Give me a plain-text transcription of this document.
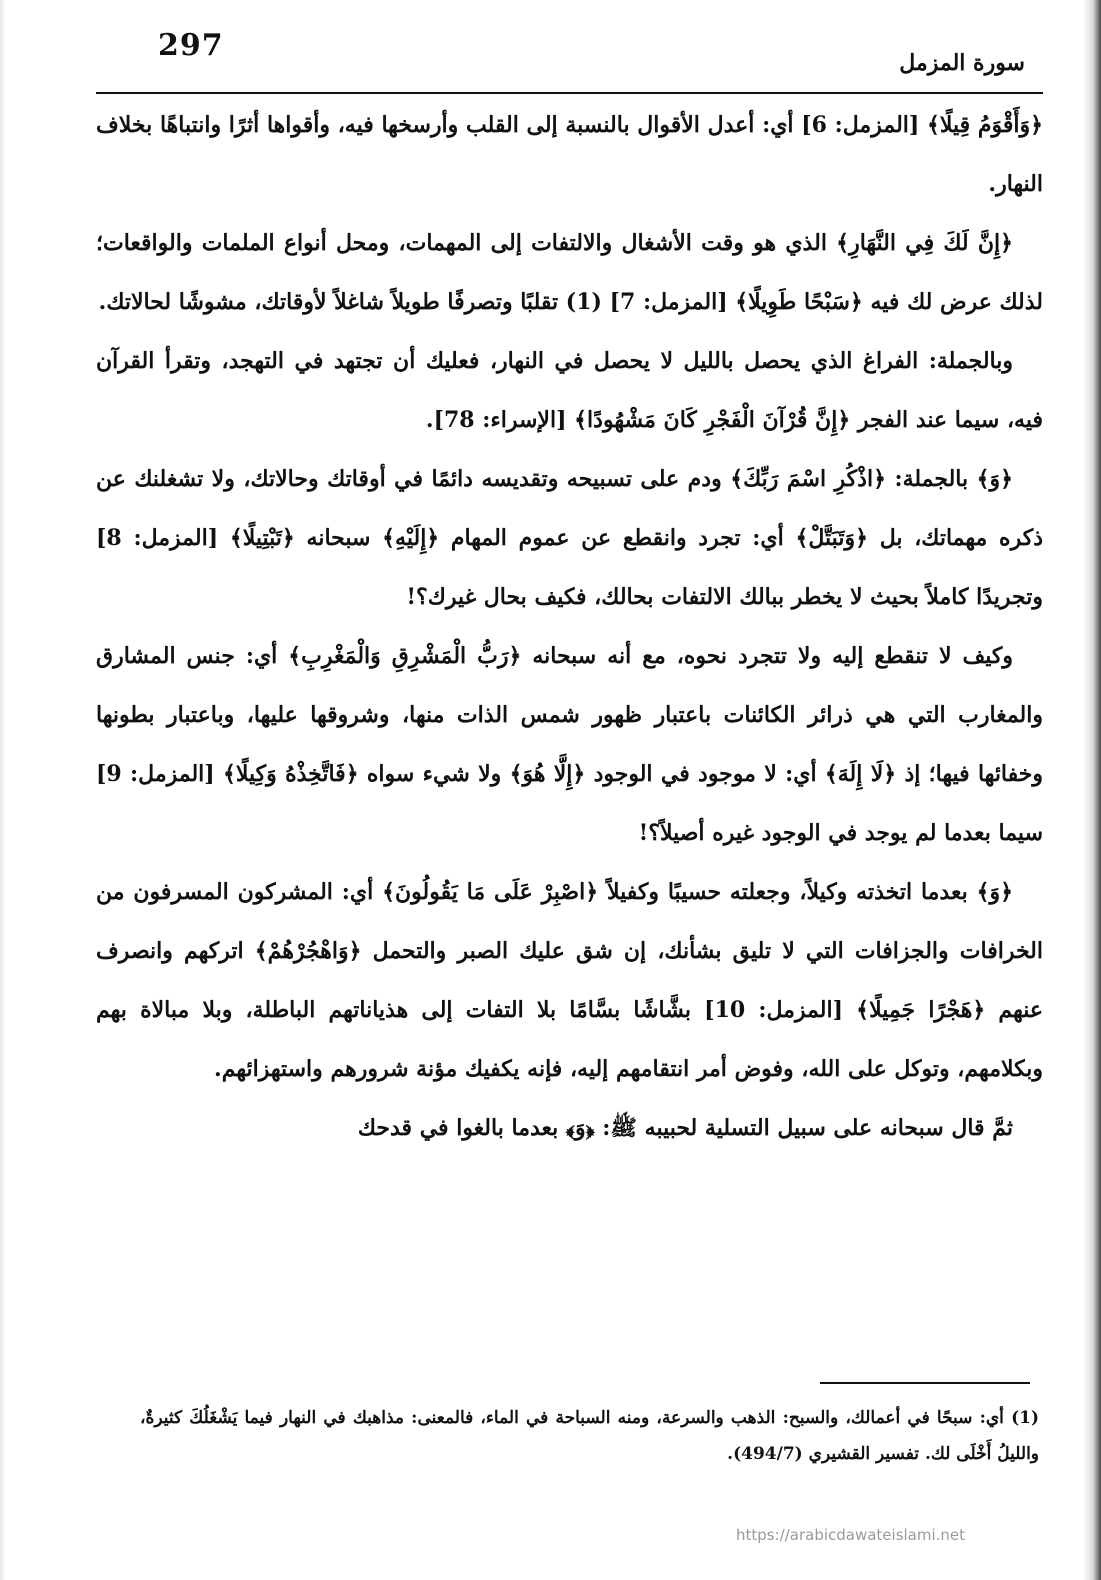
297	سورة المزمل

﴿وَأَقْوَمُ قِيلًا﴾ [المزمل: 6] أي: أعدل الأقوال بالنسبة إلى القلب وأرسخها فيه، وأقواها أثرًا وانتباهًا بخلاف النهار.

﴿إِنَّ لَكَ فِي النَّهَارِ﴾ الذي هو وقت الأشغال والالتفات إلى المهمات، ومحل أنواع الملمات والواقعات؛ لذلك عرض لك فيه ﴿سَبْحًا طَوِيلًا﴾ [المزمل: 7] (1) تقلبًا وتصرفًا طويلاً شاغلاً لأوقاتك، مشوشًا لحالاتك.

وبالجملة: الفراغ الذي يحصل بالليل لا يحصل في النهار، فعليك أن تجتهد في التهجد، وتقرأ القرآن فيه، سيما عند الفجر ﴿إِنَّ قُرْآنَ الْفَجْرِ كَانَ مَشْهُودًا﴾ [الإسراء: 78].

﴿وَ﴾ بالجملة: ﴿اذْكُرِ اسْمَ رَبِّكَ﴾ ودم على تسبيحه وتقديسه دائمًا في أوقاتك وحالاتك، ولا تشغلنك عن ذكره مهماتك، بل ﴿وَتَبَتَّلْ﴾ أي: تجرد وانقطع عن عموم المهام ﴿إِلَيْهِ﴾ سبحانه ﴿تَبْتِيلًا﴾ [المزمل: 8] وتجريدًا كاملاً بحيث لا يخطر ببالك الالتفات بحالك، فكيف بحال غيرك؟!

وكيف لا تنقطع إليه ولا تتجرد نحوه، مع أنه سبحانه ﴿رَبُّ الْمَشْرِقِ وَالْمَغْرِبِ﴾ أي: جنس المشارق والمغارب التي هي ذرائر الكائنات باعتبار ظهور شمس الذات منها، وشروقها عليها، وباعتبار بطونها وخفائها فيها؛ إذ ﴿لَا إِلَهَ﴾ أي: لا موجود في الوجود ﴿إِلَّا هُوَ﴾ ولا شيء سواه ﴿فَاتَّخِذْهُ وَكِيلًا﴾ [المزمل: 9] سيما بعدما لم يوجد في الوجود غيره أصيلاً؟!

﴿وَ﴾ بعدما اتخذته وكيلاً، وجعلته حسيبًا وكفيلاً ﴿اصْبِرْ عَلَى مَا يَقُولُونَ﴾ أي: المشركون المسرفون من الخرافات والجزافات التي لا تليق بشأنك، إن شق عليك الصبر والتحمل ﴿وَاهْجُرْهُمْ﴾ اتركهم وانصرف عنهم ﴿هَجْرًا جَمِيلًا﴾ [المزمل: 10] بشَّاشًا بسَّامًا بلا التفات إلى هذياناتهم الباطلة، وبلا مبالاة بهم وبكلامهم، وتوكل على الله، وفوض أمر انتقامهم إليه، فإنه يكفيك مؤنة شرورهم واستهزائهم.

ثمَّ قال سبحانه على سبيل التسلية لحبيبه ﷺ: ﴿وَ﴾ بعدما بالغوا في قدحك

(1) أي: سبحًا في أعمالك، والسبح: الذهب والسرعة، ومنه السباحة في الماء، فالمعنى: مذاهبك في النهار فيما يَشْغَلُكَ كثيرةٌ، والليلُ أَخْلَى لك. تفسير القشيري (494/7).
https://arabicdawateislami.net
